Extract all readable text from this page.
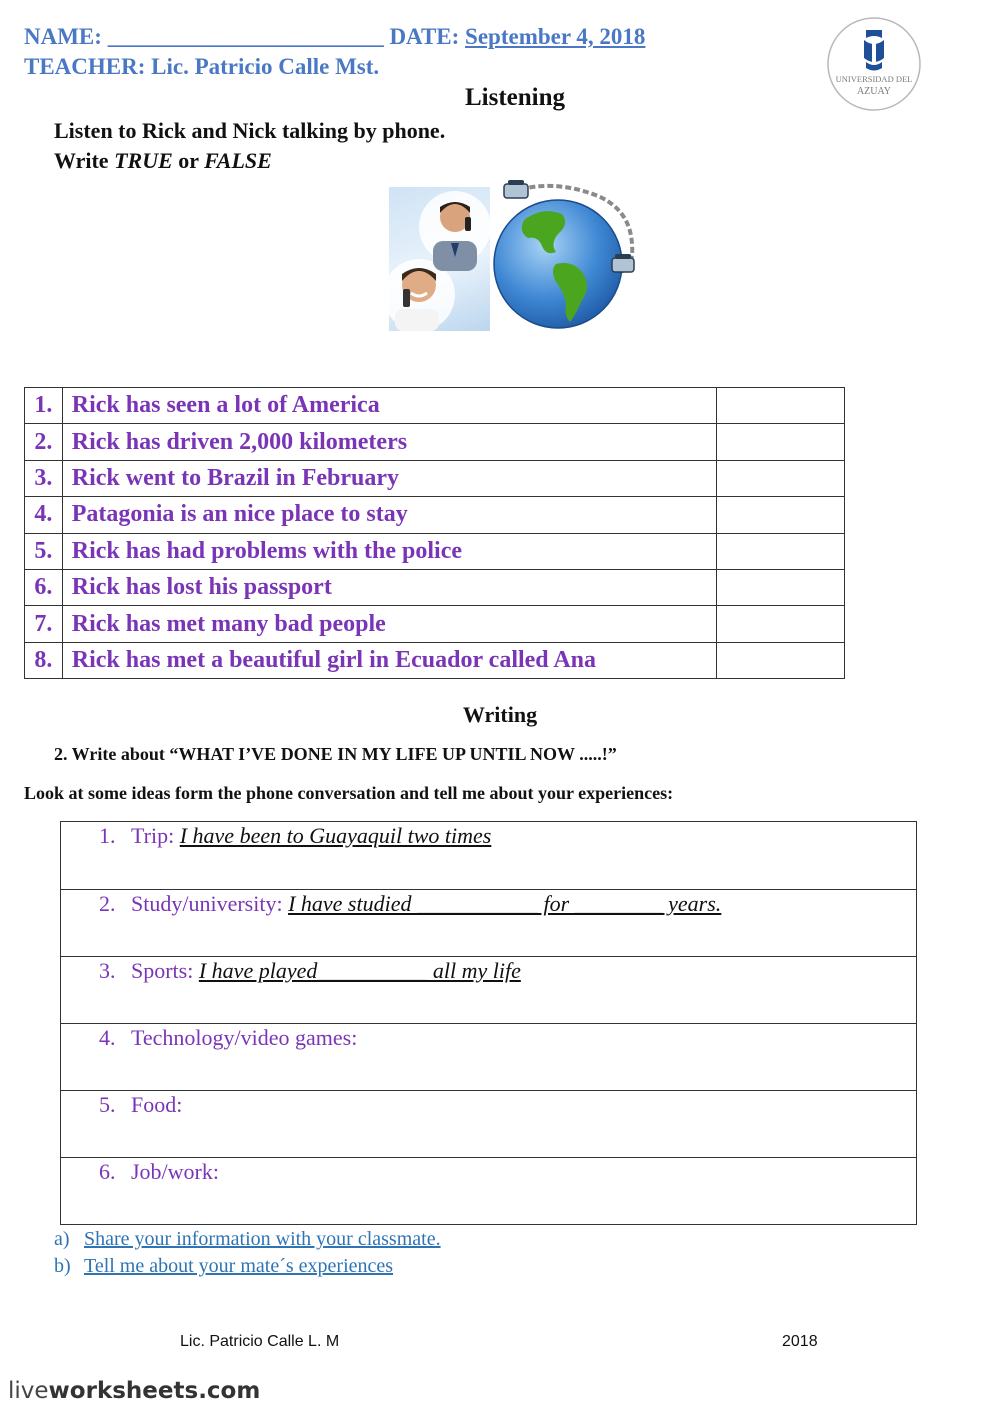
NAME: ________________________ DATE: September 4, 2018
TEACHER: Lic. Patricio Calle Mst.	UNIVERSIDAD DEL
AZUAY
Listening
Listen to Rick and Nick talking by phone.
Write TRUE or FALSE
1.	Rick has seen a lot of America	
2.	Rick has driven 2,000 kilometers	
3.	Rick went to Brazil in February	
4.	Patagonia is an nice place to stay	
5.	Rick has had problems with the police	
6.	Rick has lost his passport	
7.	Rick has met many bad people	
8.	Rick has met a beautiful girl in Ecuador called Ana	
Writing
2. Write about “WHAT I’VE DONE IN MY LIFE UP UNTIL NOW .....!”
Look at some ideas form the phone conversation and tell me about your experiences:
1. Trip: I have been to Guayaquil two times
2. Study/university: I have studied ___________ for ________ years.
3. Sports: I have played__________ all my life
4. Technology/video games:
5. Food:
6. Job/work:
a) Share your information with your classmate.
b) Tell me about your mate´s experiences
Lic. Patricio Calle L. M	2018
liveworksheets.com
